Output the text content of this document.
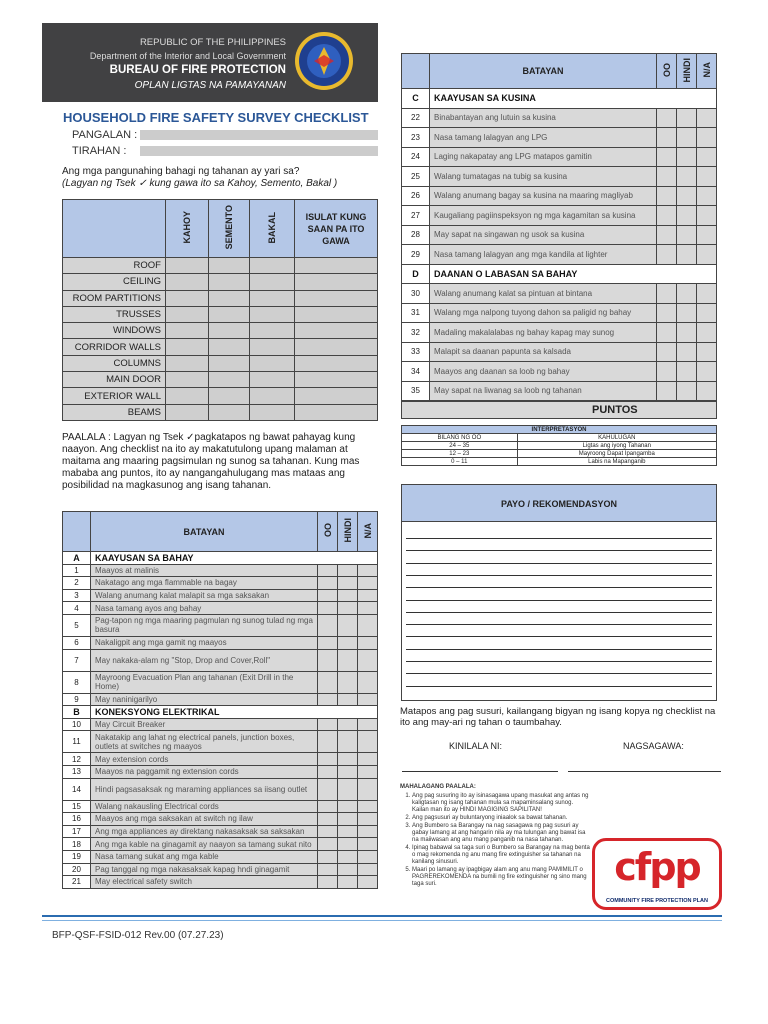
REPUBLIC OF THE PHILIPPINES
Department of the Interior and Local Government
BUREAU OF FIRE PROTECTION
OPLAN LIGTAS NA PAMAYANAN
HOUSEHOLD FIRE SAFETY SURVEY CHECKLIST
PANGALAN :
TIRAHAN :
Ang mga pangunahing bahagi ng tahanan ay yari sa?
(Lagyan ng Tsek ✓ kung gawa ito sa Kahoy, Semento, Bakal )
	KAHOY	SEMENTO	BAKAL	ISULAT KUNG SAAN PA ITO GAWA
ROOF				
CEILING				
ROOM PARTITIONS				
TRUSSES				
WINDOWS				
CORRIDOR WALLS				
COLUMNS				
MAIN DOOR				
EXTERIOR WALL				
BEAMS				
PAALALA : Lagyan ng Tsek ✓pagkatapos ng bawat pahayag kung naayon. Ang checklist na ito ay makatutulong upang malaman at maitama ang maaring pagsimulan ng sunog sa tahanan. Kung mas mababa ang puntos, ito ay nangangahulugang mas mataas ang posibilidad na magkasunog ang isang tahanan.
	BATAYAN	OO	HINDI	N/A
A	KAAYUSAN SA BAHAY			
1	Maayos at malinis			
2	Nakatago ang mga flammable na bagay			
3	Walang anumang kalat malapit sa mga saksakan			
4	Nasa tamang ayos ang bahay			
5	Pag-tapon ng mga maaring pagmulan ng sunog tulad ng mga basura			
6	Nakaligpit ang mga gamit ng maayos			
7	May nakaka-alam ng "Stop, Drop and Cover,Roll"			
8	Mayroong Evacuation Plan ang tahanan (Exit Drill in the Home)			
9	May naninigarilyo			
B	KONEKSYONG ELEKTRIKAL			
10	May Circuit Breaker			
11	Nakatakip ang lahat ng electrical panels, junction boxes, outlets at switches ng maayos			
12	May extension cords			
13	Maayos na paggamit ng extension cords			
14	Hindi pagsasaksak ng maraming appliances sa iisang outlet			
15	Walang nakausling Electrical cords			
16	Maayos ang mga saksakan at switch ng ilaw			
17	Ang mga appliances ay direktang nakasaksak sa saksakan			
18	Ang mga kable na ginagamit ay naayon sa tamang sukat nito			
19	Nasa tamang sukat ang mga kable			
20	Pag tanggal ng mga nakasaksak kapag hndi ginagamit			
21	May electrical safety switch			
	BATAYAN	OO	HINDI	N/A
C	KAAYUSAN SA KUSINA			
22	Binabantayan ang lutuin sa kusina			
23	Nasa tamang lalagyan ang LPG			
24	Laging nakapatay ang LPG matapos gamitin			
25	Walang tumatagas na tubig sa kusina			
26	Walang anumang bagay sa kusina na maaring magliyab			
27	Kaugaliang pagiinspeksyon ng mga kagamitan sa kusina			
28	May sapat na singawan ng usok sa kusina			
29	Nasa tamang lalagyan ang mga kandila at lighter			
D	DAANAN O LABASAN SA BAHAY			
30	Walang anumang kalat sa pintuan at bintana			
31	Walang mga nalpong tuyong dahon sa paligid ng bahay			
32	Madaling makalalabas ng bahay kapag may sunog			
33	Malapit sa daanan papunta sa kalsada			
34	Maayos ang daanan sa loob ng bahay			
35	May sapat na liwanag sa loob ng tahanan			
PUNTOS
INTERPRETASYON	
BILANG NG OO	KAHULUGAN
24 – 35	Ligtas ang iyong Tahanan
12 – 23	Mayroong Dapat Ipangamba
0 – 11	Labis na Mapanganib
PAYO / REKOMENDASYON
Matapos ang pag susuri, kailangang bigyan ng isang kopya ng checklist na ito ang may-ari ng tahan o taumbahay.
KINILALA NI:	NAGSAGAWA:
MAHALAGANG PAALALA:
1. Ang pag susuring ito ay isinasagawa upang masukat ang antas ng kaligtasan ng isang tahanan mula sa mapaminsalang sunog. Kailan man ito ay HINDI MAGIGING SAPILITAN!
2. Ang pagsusuri ay buluntaryong iniaalok sa bawat tahanan.
3. Ang Bumbero sa Barangay na nag sasagawa ng pag susuri ay gabay lamang at ang hangarin nila ay ma tulungan ang bawat isa na maiiwasan ang anu mang panganib na nasa tahanan.
4. Ipinag babawal sa taga suri o Bumbero sa Barangay na mag benta o mag rekomenda ng anu mang fire extinguisher sa tahanan na kanilang sinusuri.
5. Maari po lamang ay ipagbigay alam ang anu mang PAMIMILIT o PAGREREKOMENDA na bumili ng fire extinguisher ng sino mang taga suri.	cfpp
COMMUNITY FIRE PROTECTION PLAN
BFP-QSF-FSID-012 Rev.00 (07.27.23)
